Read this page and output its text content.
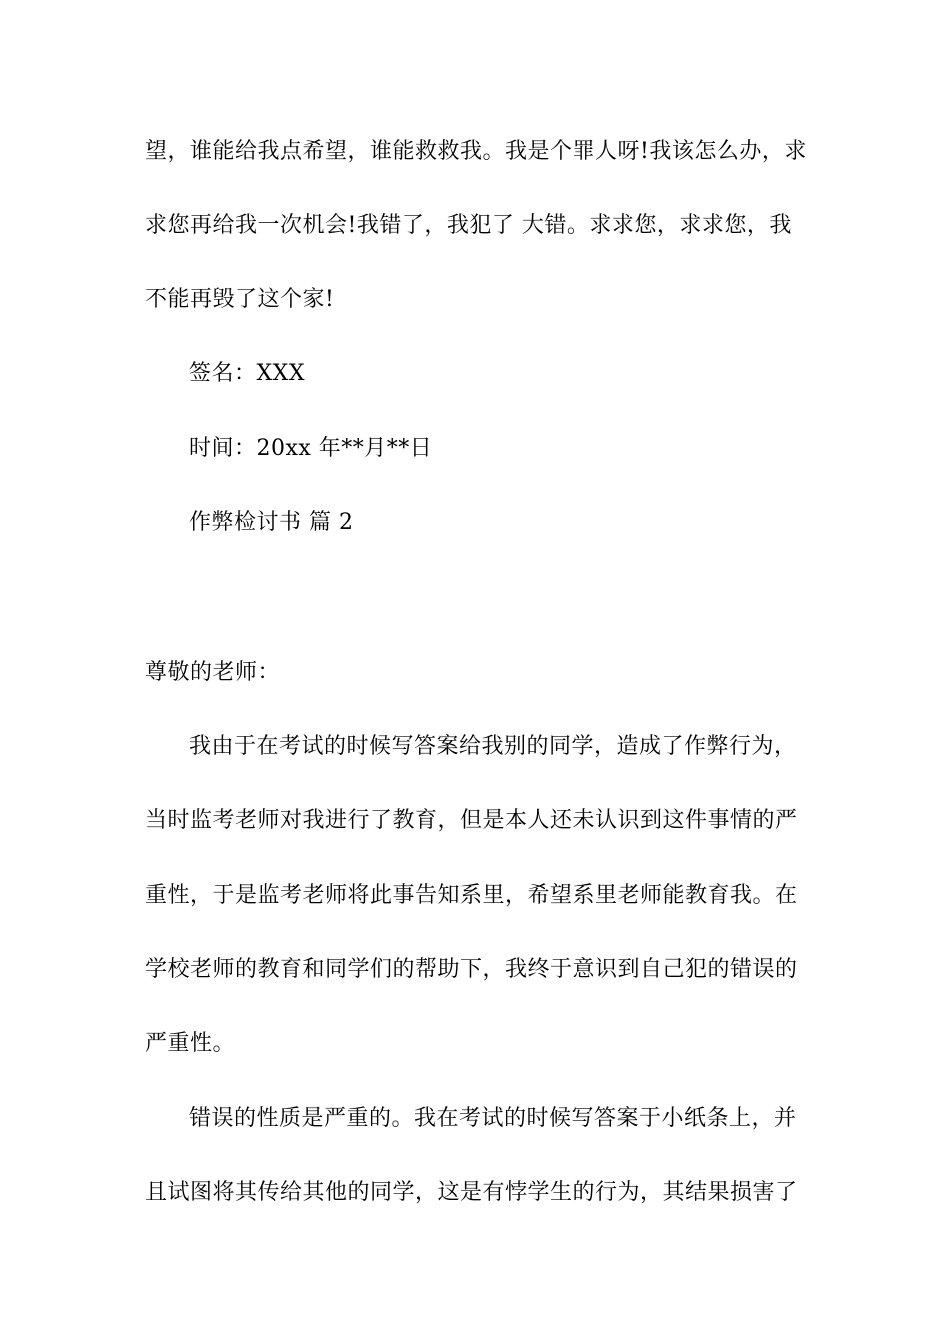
望，谁能给我点希望，谁能救救我。我是个罪人呀!我该怎么办，求
求您再给我一次机会!我错了，我犯了 大错。求求您，求求您，我
不能再毁了这个家!
签名：XXX
时间：20xx 年**月**日
作弊检讨书 篇 2
尊敬的老师：
我由于在考试的时候写答案给我别的同学，造成了作弊行为，
当时监考老师对我进行了教育，但是本人还未认识到这件事情的严
重性，于是监考老师将此事告知系里，希望系里老师能教育我。在
学校老师的教育和同学们的帮助下，我终于意识到自己犯的错误的
严重性。
错误的性质是严重的。我在考试的时候写答案于小纸条上，并
且试图将其传给其他的同学，这是有悖学生的行为，其结果损害了
